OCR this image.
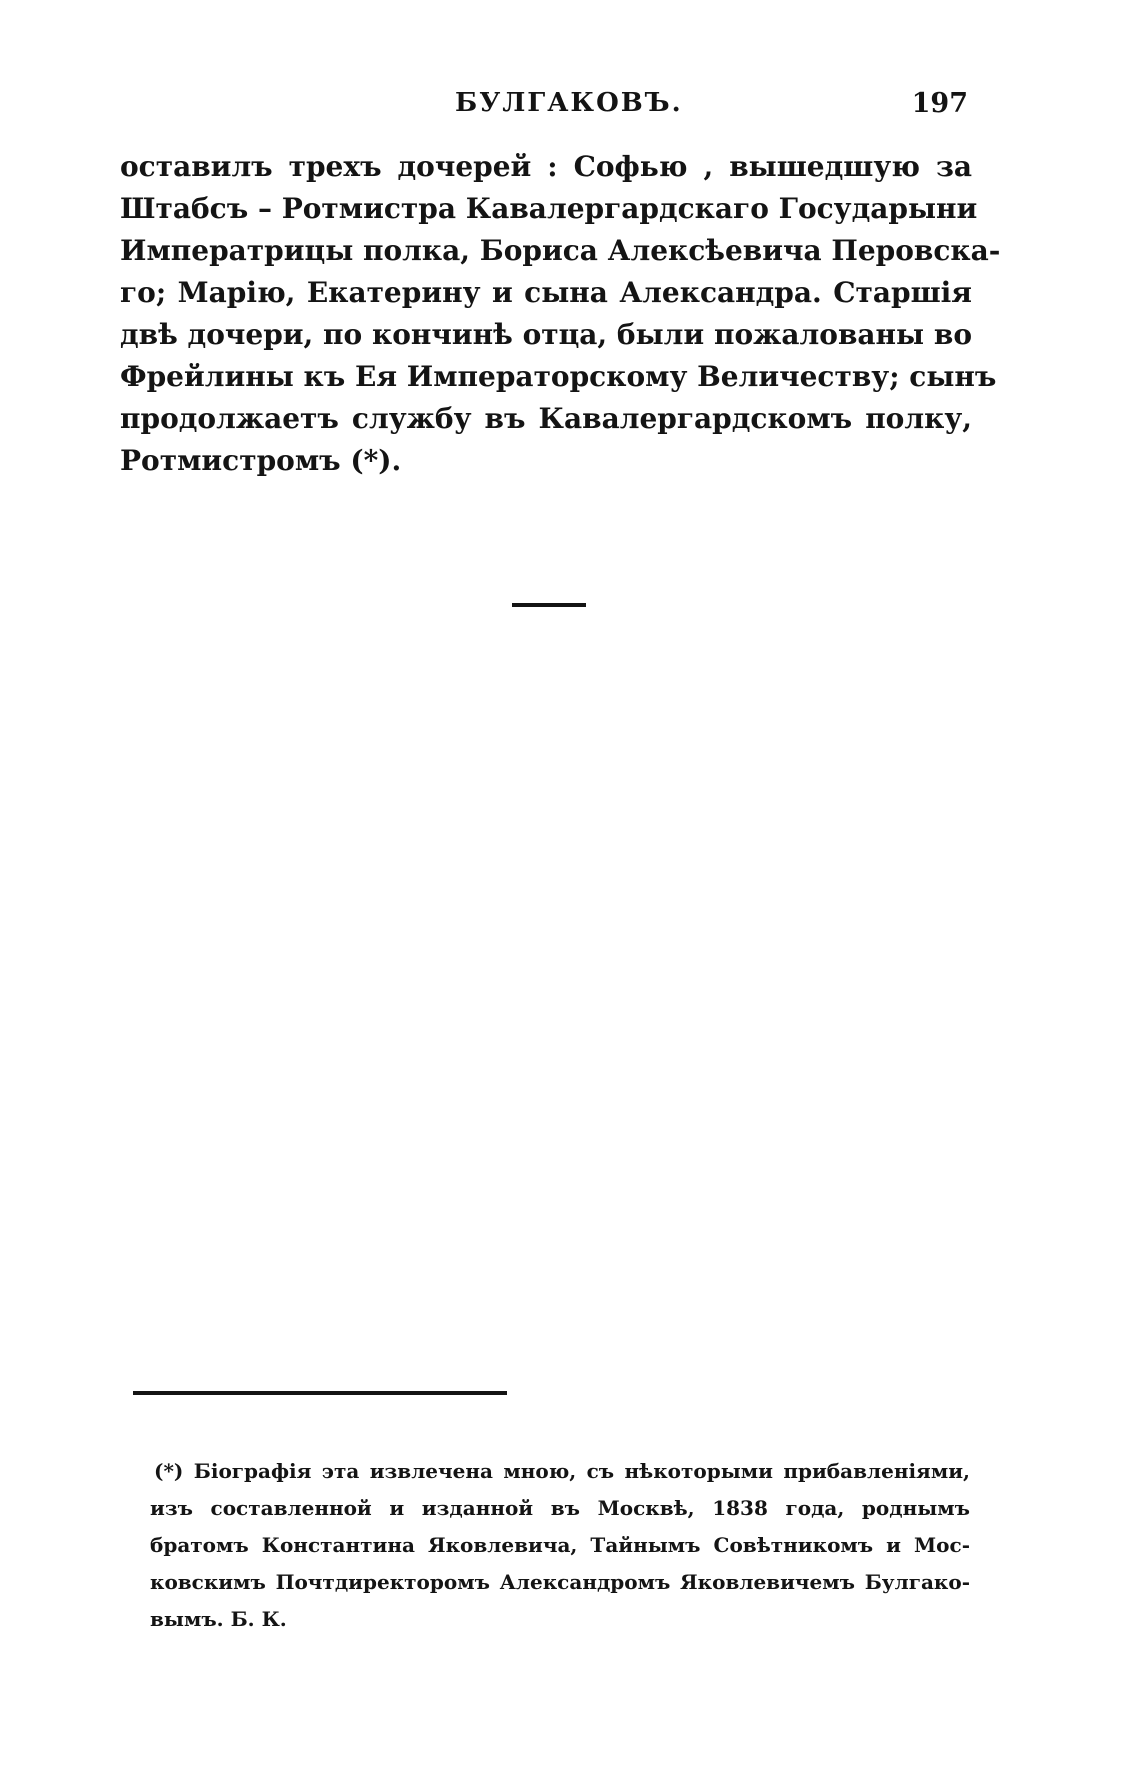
БУЛГАКОВЪ.	197
оставилъ трехъ дочерей : Софью , вышедшую за
Штабсъ – Ротмистра Кавалергардскаго Государыни
Императрицы полка, Бориса Алексѣевича Перовска-
го; Марію, Екатерину и сына Александра. Старшія
двѣ дочери, по кончинѣ отца, были пожалованы во
Фрейлины къ Ея Императорскому Величеству; сынъ
продолжаетъ службу въ Кавалергардскомъ полку,
Ротмистромъ (*).
(*) Біографія эта извлечена мною, съ нѣкоторыми прибавленіями,
изъ составленной и изданной въ Москвѣ, 1838 года, роднымъ
братомъ Константина Яковлевича, Тайнымъ Совѣтникомъ и Мос-
ковскимъ Почтдиректоромъ Александромъ Яковлевичемъ Булгако-
вымъ. Б. К.
